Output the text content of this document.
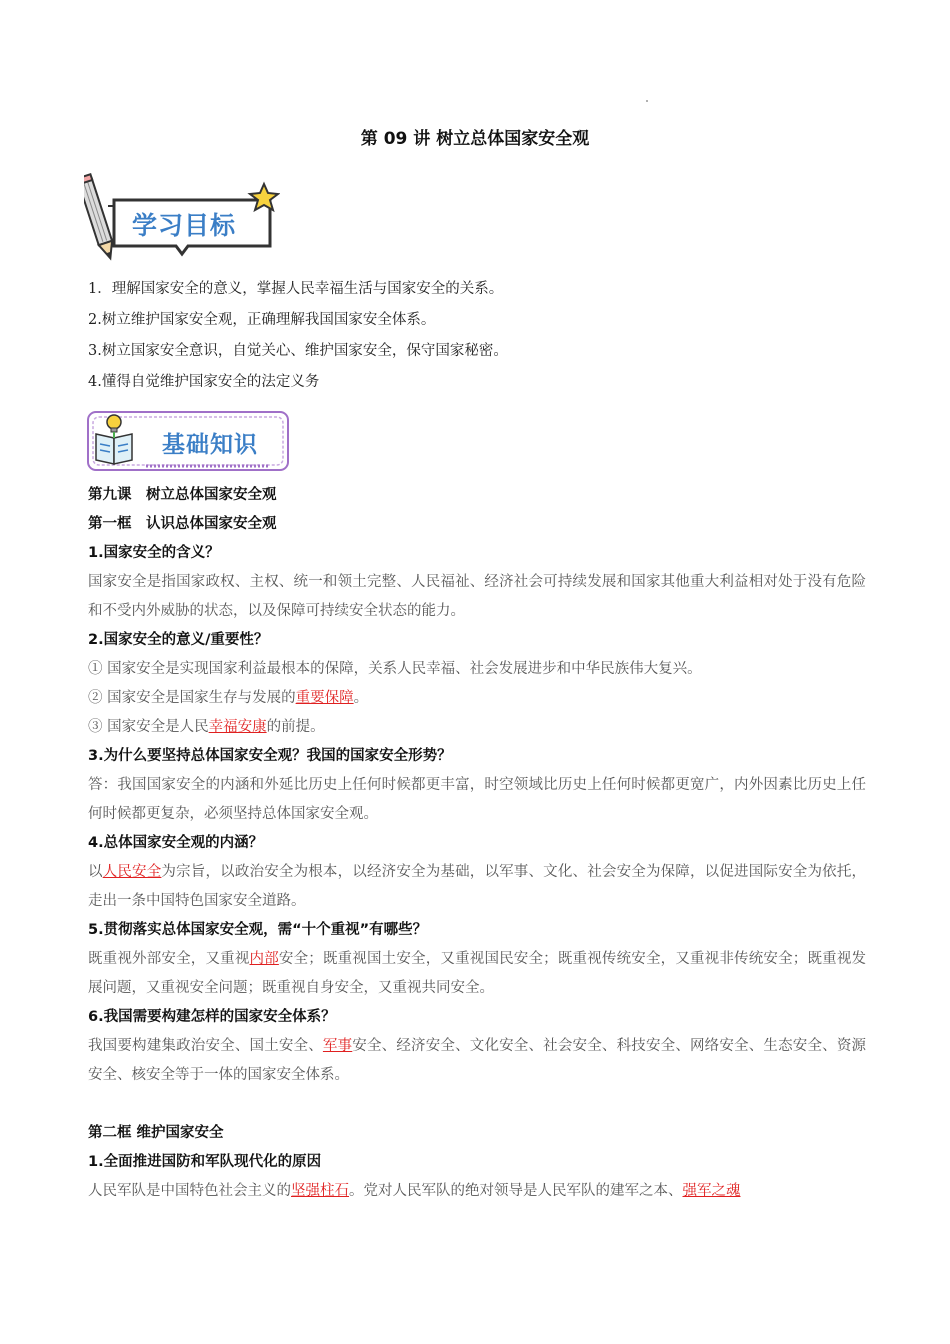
第 09 讲 树立总体国家安全观
学习目标
1．理解国家安全的意义，掌握人民幸福生活与国家安全的关系。
2.树立维护国家安全观，正确理解我国国家安全体系。
3.树立国家安全意识，自觉关心、维护国家安全，保守国家秘密。
4.懂得自觉维护国家安全的法定义务
基础知识
第九课　树立总体国家安全观
第一框　认识总体国家安全观
1.国家安全的含义？
国家安全是指国家政权、主权、统一和领土完整、人民福祉、经济社会可持续发展和国家其他重大利益相对处于没有危险和不受内外威胁的状态，以及保障可持续安全状态的能力。
2.国家安全的意义/重要性？
① 国家安全是实现国家利益最根本的保障，关系人民幸福、社会发展进步和中华民族伟大复兴。
② 国家安全是国家生存与发展的重要保障。
③ 国家安全是人民幸福安康的前提。
3.为什么要坚持总体国家安全观？我国的国家安全形势？
答：我国国家安全的内涵和外延比历史上任何时候都更丰富，时空领域比历史上任何时候都更宽广，内外因素比历史上任何时候都更复杂，必须坚持总体国家安全观。
4.总体国家安全观的内涵？
以人民安全为宗旨，以政治安全为根本，以经济安全为基础，以军事、文化、社会安全为保障，以促进国际安全为依托，走出一条中国特色国家安全道路。
5.贯彻落实总体国家安全观，需“十个重视”有哪些？
既重视外部安全，又重视内部安全；既重视国土安全，又重视国民安全；既重视传统安全，又重视非传统安全；既重视发展问题，又重视安全问题；既重视自身安全，又重视共同安全。
6.我国需要构建怎样的国家安全体系？
我国要构建集政治安全、国土安全、军事安全、经济安全、文化安全、社会安全、科技安全、网络安全、生态安全、资源安全、核安全等于一体的国家安全体系。
第二框 维护国家安全
1.全面推进国防和军队现代化的原因
人民军队是中国特色社会主义的坚强柱石。党对人民军队的绝对领导是人民军队的建军之本、强军之魂
